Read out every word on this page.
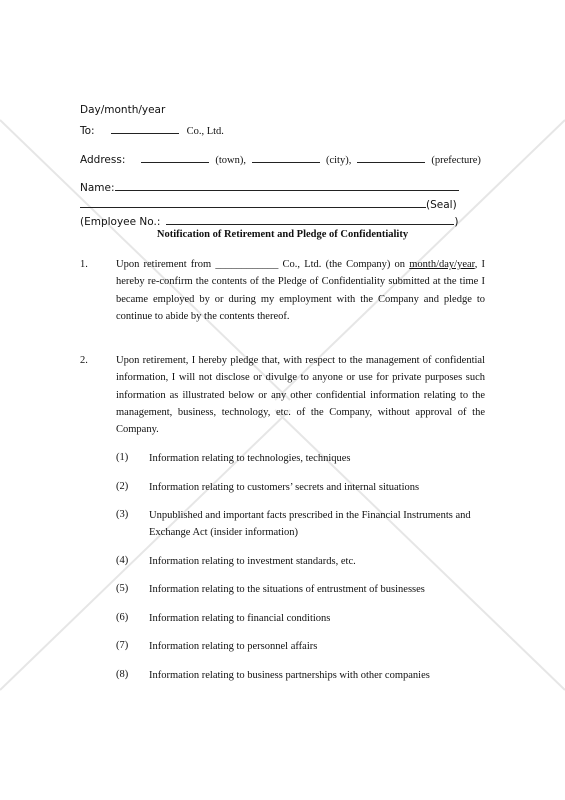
Day/month/year
To:	Co., Ltd.
Address:	(town),	(city),	(prefecture)
Name:
(Seal)
(Employee No.:	)
Notification of Retirement and Pledge of Confidentiality
1.	Upon retirement from ____________ Co., Ltd. (the Company) on month/day/year, I hereby re-confirm the contents of the Pledge of Confidentiality submitted at the time I became employed by or during my employment with the Company and pledge to continue to abide by the contents thereof.
2.	Upon retirement, I hereby pledge that, with respect to the management of confidential information, I will not disclose or divulge to anyone or use for private purposes such information as illustrated below or any other confidential information relating to the management, business, technology, etc. of the Company, without approval of the Company.
(1) Information relating to technologies, techniques
(2) Information relating to customers’ secrets and internal situations
(3) Unpublished and important facts prescribed in the Financial Instruments and Exchange Act (insider information)
(4) Information relating to investment standards, etc.
(5) Information relating to the situations of entrustment of businesses
(6) Information relating to financial conditions
(7) Information relating to personnel affairs
(8) Information relating to business partnerships with other companies
